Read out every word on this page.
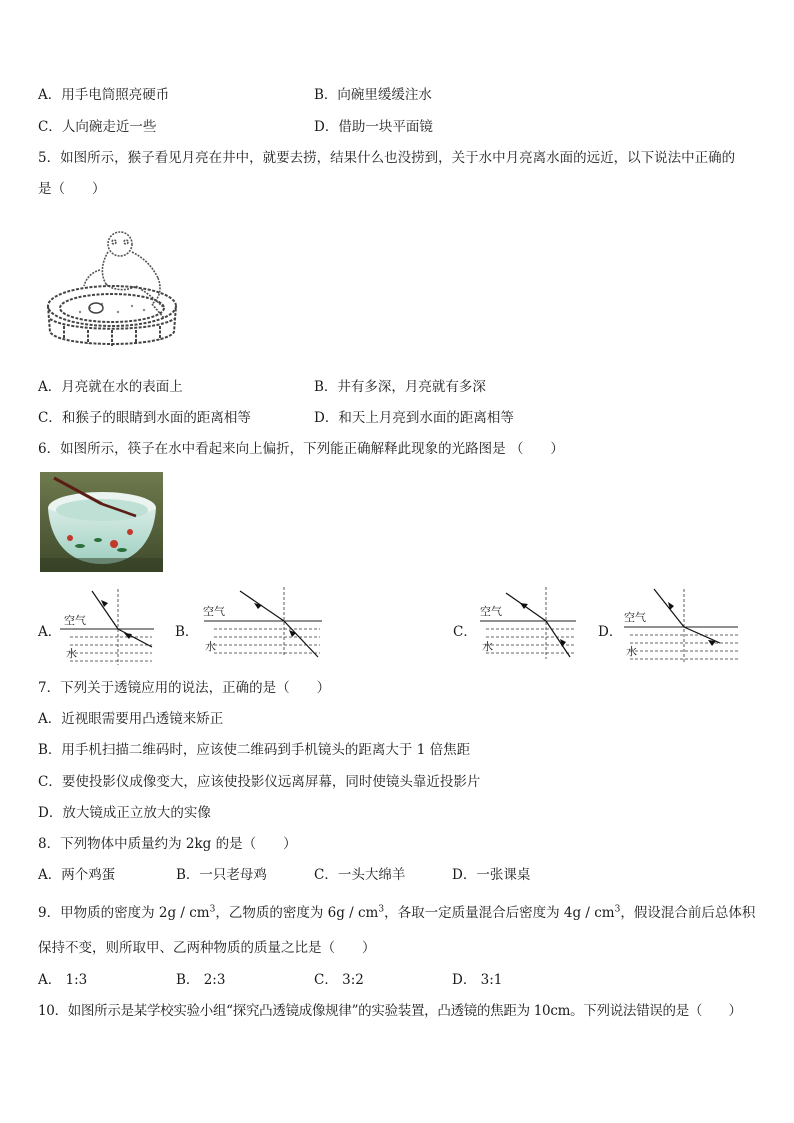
A．用手电筒照亮硬币	B．向碗里缓缓注水
C．人向碗走近一些	D．借助一块平面镜
5．如图所示，猴子看见月亮在井中，就要去捞，结果什么也没捞到，关于水中月亮离水面的远近，以下说法中正确的
是（　　）
A．月亮就在水的表面上	B．井有多深，月亮就有多深
C．和猴子的眼睛到水面的距离相等	D．和天上月亮到水面的距离相等
6．如图所示，筷子在水中看起来向上偏折，下列能正确解释此现象的光路图是 （　　）
A．
空气
水
B．
空气
水
C．
空气
水
D．
空气
水
7．下列关于透镜应用的说法，正确的是（　　）
A．近视眼需要用凸透镜来矫正
B．用手机扫描二维码时，应该使二维码到手机镜头的距离大于 1 倍焦距
C．要使投影仪成像变大，应该使投影仪远离屏幕，同时使镜头靠近投影片
D．放大镜成正立放大的实像
8．下列物体中质量约为 2kg 的是（　　）
A．两个鸡蛋	B．一只老母鸡	C．一头大绵羊	D．一张课桌
9．甲物质的密度为 $2g / cm^3$，乙物质的密度为 $6g / cm^3$，各取一定质量混合后密度为 $4g / cm^3$，假设混合前后总体积
保持不变，则所取甲、乙两种物质的质量之比是（　　）
A． 1:3	B． 2:3	C． 3:2	D． 3:1
10．如图所示是某学校实验小组“探究凸透镜成像规律”的实验装置，凸透镜的焦距为 10cm。下列说法错误的是（　　）
